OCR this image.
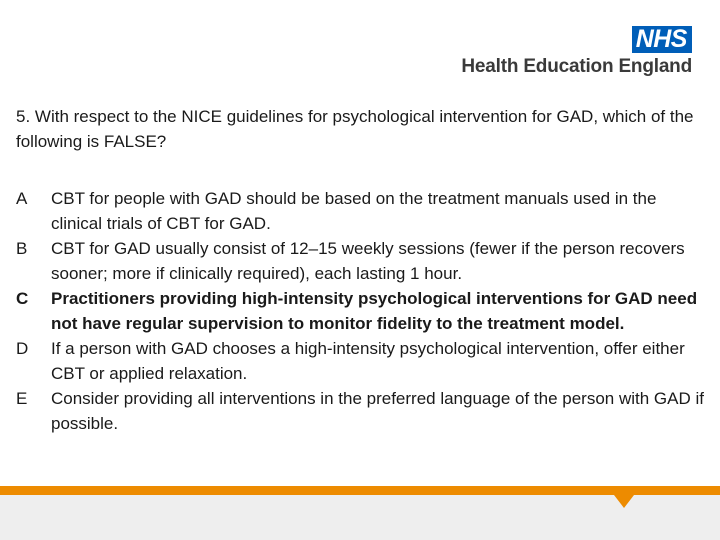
NHS
Health Education England
5. With respect to the NICE guidelines for psychological intervention for GAD, which of the following is FALSE?
A	CBT for people with GAD should be based on the treatment manuals used in the clinical trials of CBT for GAD.
B	CBT for GAD usually consist of 12–15 weekly sessions (fewer if the person recovers sooner; more if clinically required), each lasting 1 hour.
C	Practitioners providing high-intensity psychological interventions for GAD need not have regular supervision to monitor fidelity to the treatment model.
D	If a person with GAD chooses a high-intensity psychological intervention, offer either CBT or applied relaxation.
E	Consider providing all interventions in the preferred language of the person with GAD if possible.
